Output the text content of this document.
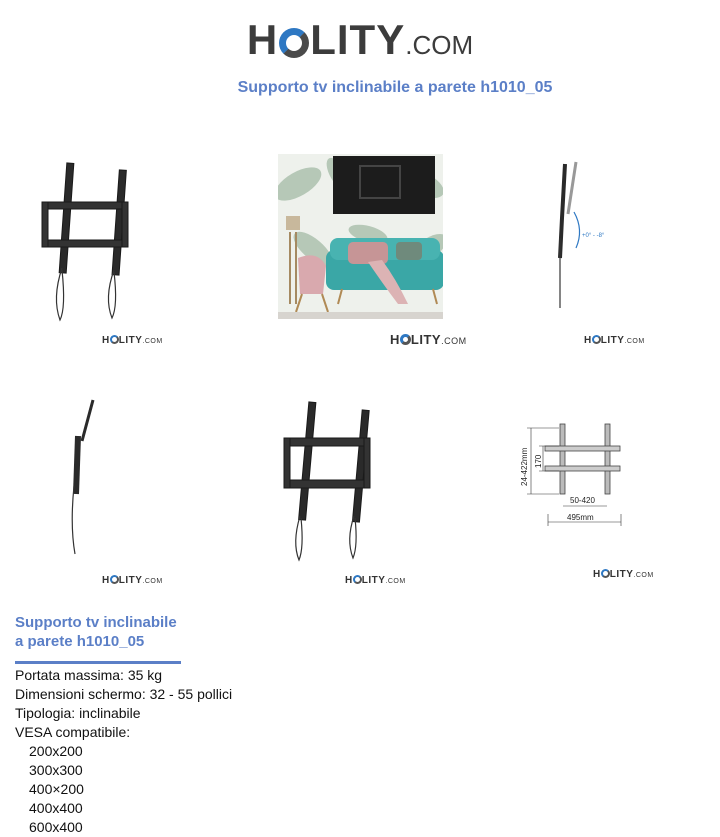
H LITY.COM
Supporto tv inclinabile a parete h1010_05
H LITY.COM	H LITY.COM
+0° - -8°
H LITY.COM
H LITY.COM	H LITY.COM
24-422mm 170
50-420
495mm
H LITY.COM
Supporto tv inclinabile
a parete h1010_05
Portata massima: 35 kg
Dimensioni schermo: 32 - 55 pollici
Tipologia: inclinabile
VESA compatibile:
200x200
300x300
400×200
400x400
600x400
